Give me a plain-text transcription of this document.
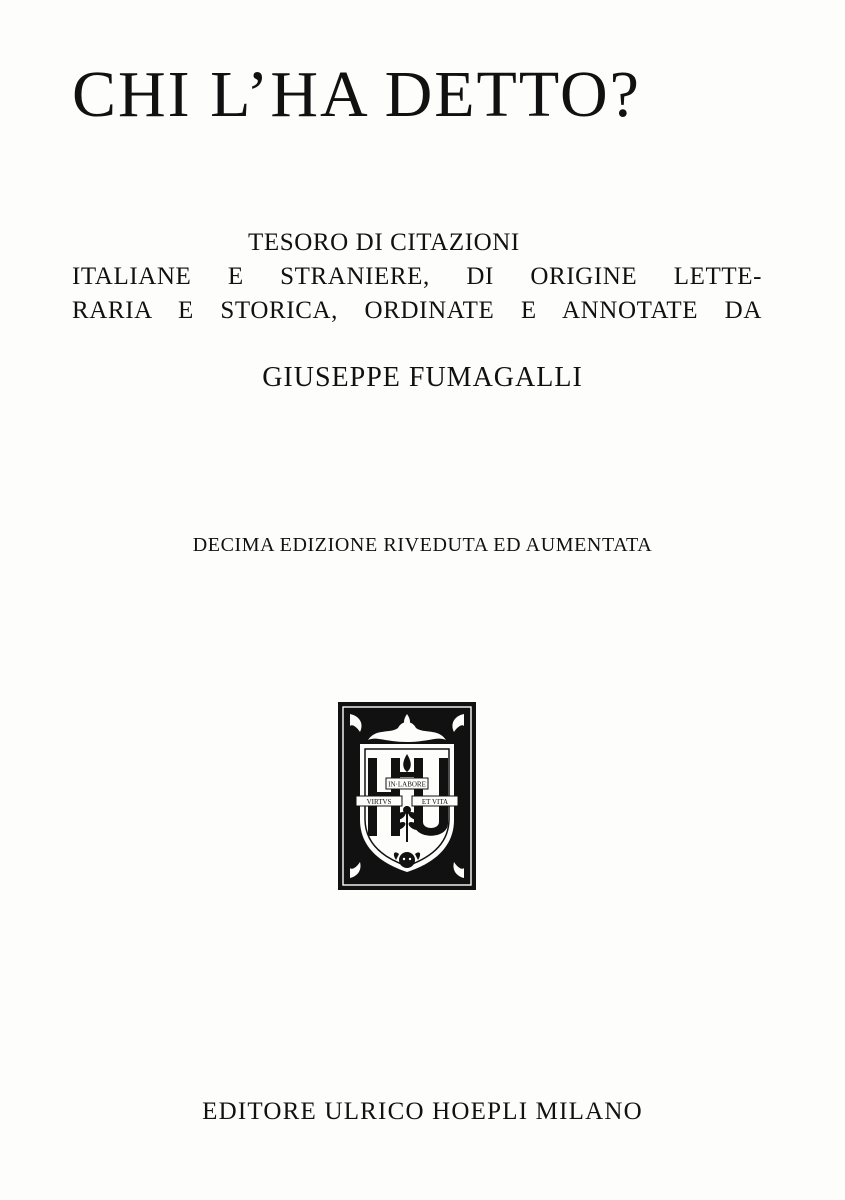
CHI L’HA DETTO?

TESORO DI CITAZIONI
ITALIANE E STRANIERE, DI ORIGINE LETTE-
RARIA E STORICA, ORDINATE E ANNOTATE DA

GIUSEPPE FUMAGALLI
DECIMA EDIZIONE RIVEDUTA ED AUMENTATA
IN·LABORE
VIRTVS	ET VITA
EDITORE ULRICO HOEPLI MILANO
